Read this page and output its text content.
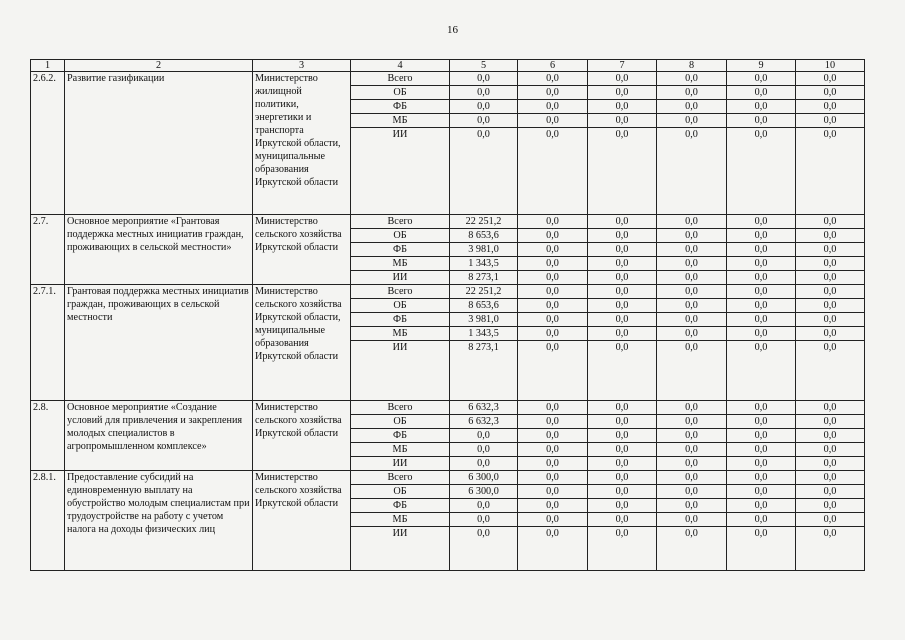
16
1	2	3	4	5	6	7	8	9	10
2.6.2.	Развитие газификации	Министерство жилищной политики, энергетики и транспорта Иркутской области, муниципальные образования Иркутской области	Всего	0,0	0,0	0,0	0,0	0,0	0,0
			ОБ	0,0	0,0	0,0	0,0	0,0	0,0
			ФБ	0,0	0,0	0,0	0,0	0,0	0,0
			МБ	0,0	0,0	0,0	0,0	0,0	0,0
			ИИ	0,0	0,0	0,0	0,0	0,0	0,0
2.7.	Основное мероприятие «Грантовая поддержка местных инициатив граждан, проживающих в сельской местности»	Министерство сельского хозяйства Иркутской области	Всего	22 251,2	0,0	0,0	0,0	0,0	0,0
			ОБ	8 653,6	0,0	0,0	0,0	0,0	0,0
			ФБ	3 981,0	0,0	0,0	0,0	0,0	0,0
			МБ	1 343,5	0,0	0,0	0,0	0,0	0,0
			ИИ	8 273,1	0,0	0,0	0,0	0,0	0,0
2.7.1.	Грантовая поддержка местных инициатив граждан, проживающих в сельской местности	Министерство сельского хозяйства Иркутской области, муниципальные образования Иркутской области	Всего	22 251,2	0,0	0,0	0,0	0,0	0,0
			ОБ	8 653,6	0,0	0,0	0,0	0,0	0,0
			ФБ	3 981,0	0,0	0,0	0,0	0,0	0,0
			МБ	1 343,5	0,0	0,0	0,0	0,0	0,0
			ИИ	8 273,1	0,0	0,0	0,0	0,0	0,0
2.8.	Основное мероприятие «Создание условий для привлечения и закрепления молодых специалистов в агропромышленном комплексе»	Министерство сельского хозяйства Иркутской области	Всего	6 632,3	0,0	0,0	0,0	0,0	0,0
			ОБ	6 632,3	0,0	0,0	0,0	0,0	0,0
			ФБ	0,0	0,0	0,0	0,0	0,0	0,0
			МБ	0,0	0,0	0,0	0,0	0,0	0,0
			ИИ	0,0	0,0	0,0	0,0	0,0	0,0
2.8.1.	Предоставление субсидий на единовременную выплату на обустройство молодым специалистам при трудоустройстве на работу с учетом налога на доходы физических лиц	Министерство сельского хозяйства Иркутской области	Всего	6 300,0	0,0	0,0	0,0	0,0	0,0
			ОБ	6 300,0	0,0	0,0	0,0	0,0	0,0
			ФБ	0,0	0,0	0,0	0,0	0,0	0,0
			МБ	0,0	0,0	0,0	0,0	0,0	0,0
			ИИ	0,0	0,0	0,0	0,0	0,0	0,0
